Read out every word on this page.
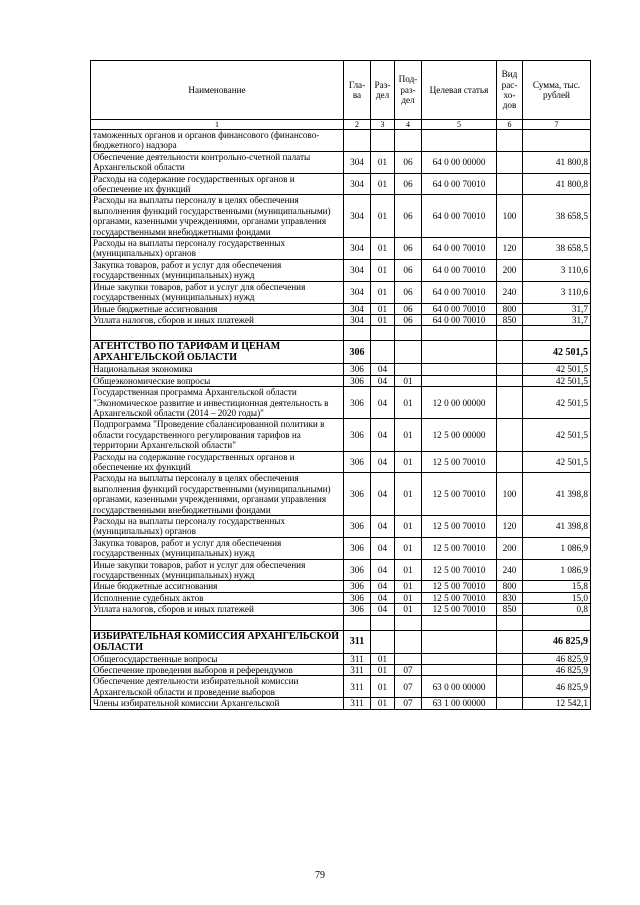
Наименование	Гла-ва	Раз-дел	Под-раз-дел	Целевая статья	Вид рас-хо-дов	Сумма, тыс. рублей
1	2	3	4	5	6	7
таможенных органов и органов финансового (финансово-бюджетного) надзора						
Обеспечение деятельности контрольно-счетной палаты Архангельской области	304	01	06	64 0 00 00000		41 800,8
Расходы на содержание государственных органов и обеспечение их функций	304	01	06	64 0 00 70010		41 800,8
Расходы на выплаты персоналу в целях обеспечения выполнения функций государственными (муниципальными) органами, казенными учреждениями, органами управления государственными внебюджетными фондами	304	01	06	64 0 00 70010	100	38 658,5
Расходы на выплаты персоналу государственных (муниципальных) органов	304	01	06	64 0 00 70010	120	38 658,5
Закупка товаров, работ и услуг для обеспечения государственных (муниципальных) нужд	304	01	06	64 0 00 70010	200	3 110,6
Иные закупки товаров, работ и услуг для обеспечения государственных (муниципальных) нужд	304	01	06	64 0 00 70010	240	3 110,6
Иные бюджетные ассигнования	304	01	06	64 0 00 70010	800	31,7
Уплата налогов, сборов и иных платежей	304	01	06	64 0 00 70010	850	31,7

АГЕНТСТВО ПО ТАРИФАМ И ЦЕНАМ АРХАНГЕЛЬСКОЙ ОБЛАСТИ	306					42 501,5
Национальная экономика	306	04				42 501,5
Общеэкономические вопросы	306	04	01			42 501,5
Государственная программа Архангельской области "Экономическое развитие и инвестиционная деятельность в Архангельской области (2014 – 2020 годы)"	306	04	01	12 0 00 00000		42 501,5
Подпрограмма "Проведение сбалансированной политики в области государственного регулирования тарифов на территории Архангельской области"	306	04	01	12 5 00 00000		42 501,5
Расходы на содержание государственных органов и обеспечение их функций	306	04	01	12 5 00 70010		42 501,5
Расходы на выплаты персоналу в целях обеспечения выполнения функций государственными (муниципальными) органами, казенными учреждениями, органами управления государственными внебюджетными фондами	306	04	01	12 5 00 70010	100	41 398,8
Расходы на выплаты персоналу государственных (муниципальных) органов	306	04	01	12 5 00 70010	120	41 398,8
Закупка товаров, работ и услуг для обеспечения государственных (муниципальных) нужд	306	04	01	12 5 00 70010	200	1 086,9
Иные закупки товаров, работ и услуг для обеспечения государственных (муниципальных) нужд	306	04	01	12 5 00 70010	240	1 086,9
Иные бюджетные ассигнования	306	04	01	12 5 00 70010	800	15,8
Исполнение судебных актов	306	04	01	12 5 00 70010	830	15,0
Уплата налогов, сборов и иных платежей	306	04	01	12 5 00 70010	850	0,8

ИЗБИРАТЕЛЬНАЯ КОМИССИЯ АРХАНГЕЛЬСКОЙ ОБЛАСТИ	311					46 825,9
Общегосударственные вопросы	311	01				46 825,9
Обеспечение проведения выборов и референдумов	311	01	07			46 825,9
Обеспечение деятельности избирательной комиссии Архангельской области и проведение выборов	311	01	07	63 0 00 00000		46 825,9
Члены избирательной комиссии Архангельской	311	01	07	63 1 00 00000		12 542,1
79
